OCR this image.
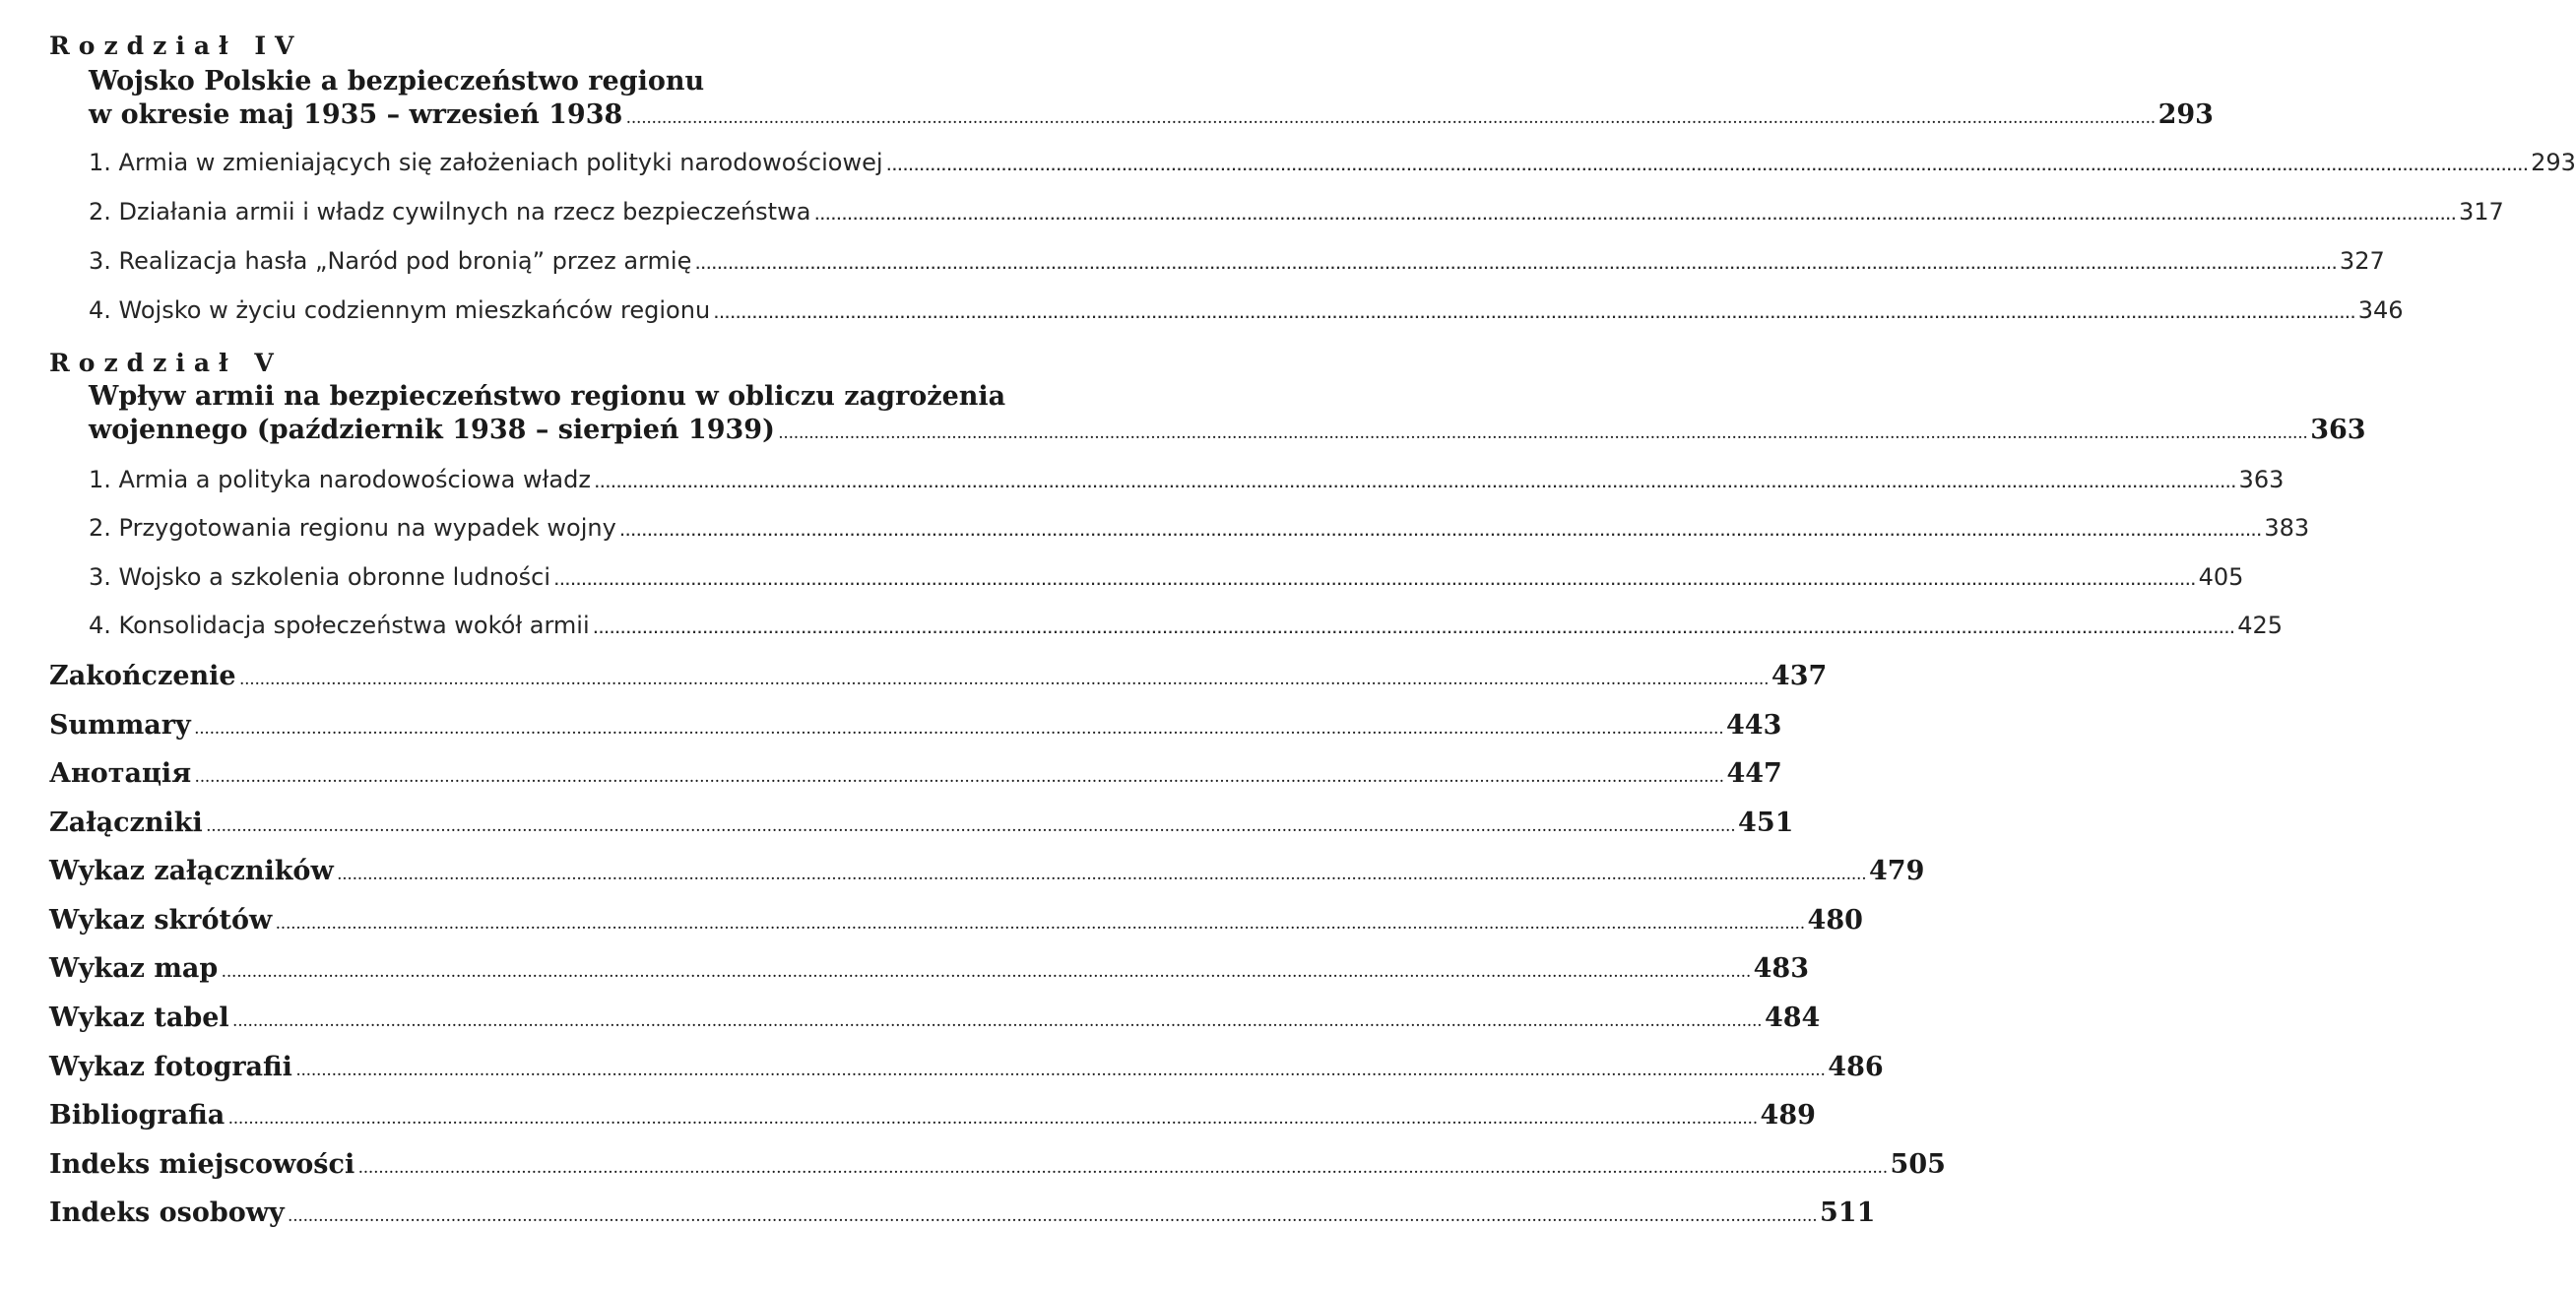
Rozdział IV
Wojsko Polskie a bezpieczeństwo regionu
w okresie maj 1935 – wrzesień 1938 ............................................................................................................................................................................................................................................................................................................ 293
1. Armia w zmieniających się założeniach polityki narodowościowej ............................................................................................................................................................................................................................................................................................................ 293
2. Działania armii i władz cywilnych na rzecz bezpieczeństwa ............................................................................................................................................................................................................................................................................................................ 317
3. Realizacja hasła „Naród pod bronią” przez armię ............................................................................................................................................................................................................................................................................................................ 327
4. Wojsko w życiu codziennym mieszkańców regionu ............................................................................................................................................................................................................................................................................................................ 346
Rozdział V
Wpływ armii na bezpieczeństwo regionu w obliczu zagrożenia
wojennego (październik 1938 – sierpień 1939) ............................................................................................................................................................................................................................................................................................................ 363
1. Armia a polityka narodowościowa władz ............................................................................................................................................................................................................................................................................................................ 363
2. Przygotowania regionu na wypadek wojny ............................................................................................................................................................................................................................................................................................................ 383
3. Wojsko a szkolenia obronne ludności ............................................................................................................................................................................................................................................................................................................ 405
4. Konsolidacja społeczeństwa wokół armii ............................................................................................................................................................................................................................................................................................................ 425
Zakończenie ............................................................................................................................................................................................................................................................................................................ 437
Summary ............................................................................................................................................................................................................................................................................................................ 443
Анотація ............................................................................................................................................................................................................................................................................................................ 447
Załączniki ............................................................................................................................................................................................................................................................................................................ 451
Wykaz załączników ............................................................................................................................................................................................................................................................................................................ 479
Wykaz skrótów ............................................................................................................................................................................................................................................................................................................ 480
Wykaz map ............................................................................................................................................................................................................................................................................................................ 483
Wykaz tabel ............................................................................................................................................................................................................................................................................................................ 484
Wykaz fotografii ............................................................................................................................................................................................................................................................................................................ 486
Bibliografia ............................................................................................................................................................................................................................................................................................................ 489
Indeks miejscowości ............................................................................................................................................................................................................................................................................................................ 505
Indeks osobowy ............................................................................................................................................................................................................................................................................................................ 511
